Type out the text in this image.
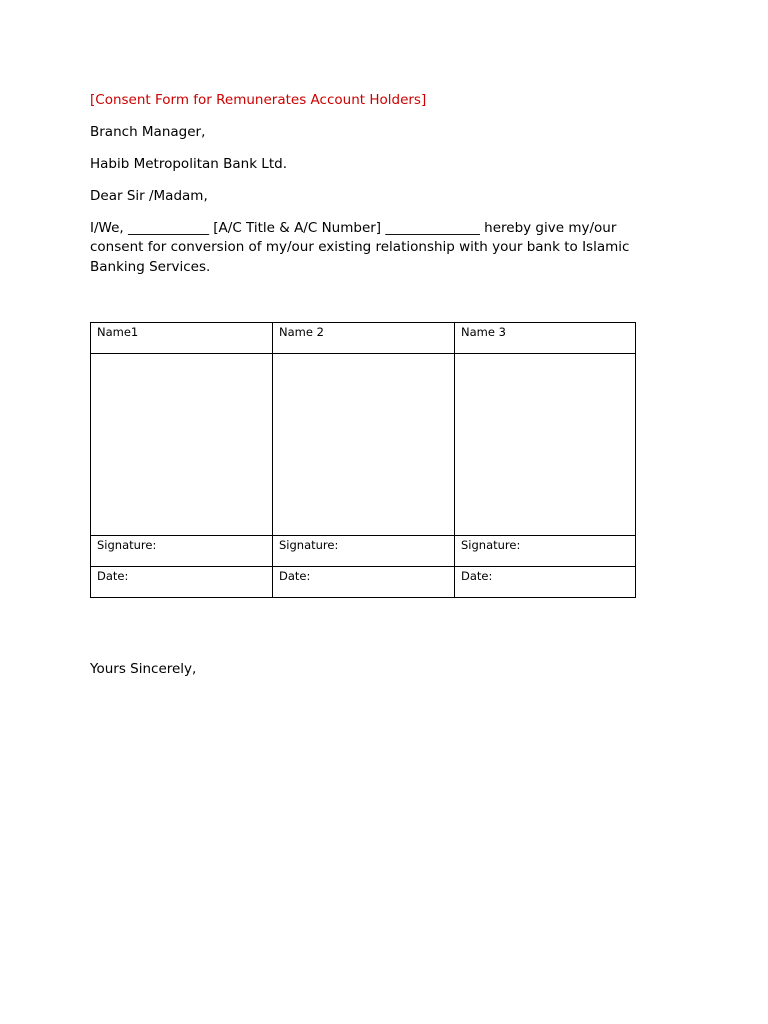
[Consent Form for Remunerates Account Holders]
Branch Manager,
Habib Metropolitan Bank Ltd.
Dear Sir /Madam,
I/We, ____________ [A/C Title & A/C Number] ______________ hereby give my/our consent for conversion of my/our existing relationship with your bank to Islamic Banking Services.
Name1	Name 2	Name 3

Signature:	Signature:	Signature:
Date:	Date:	Date:
Yours Sincerely,
